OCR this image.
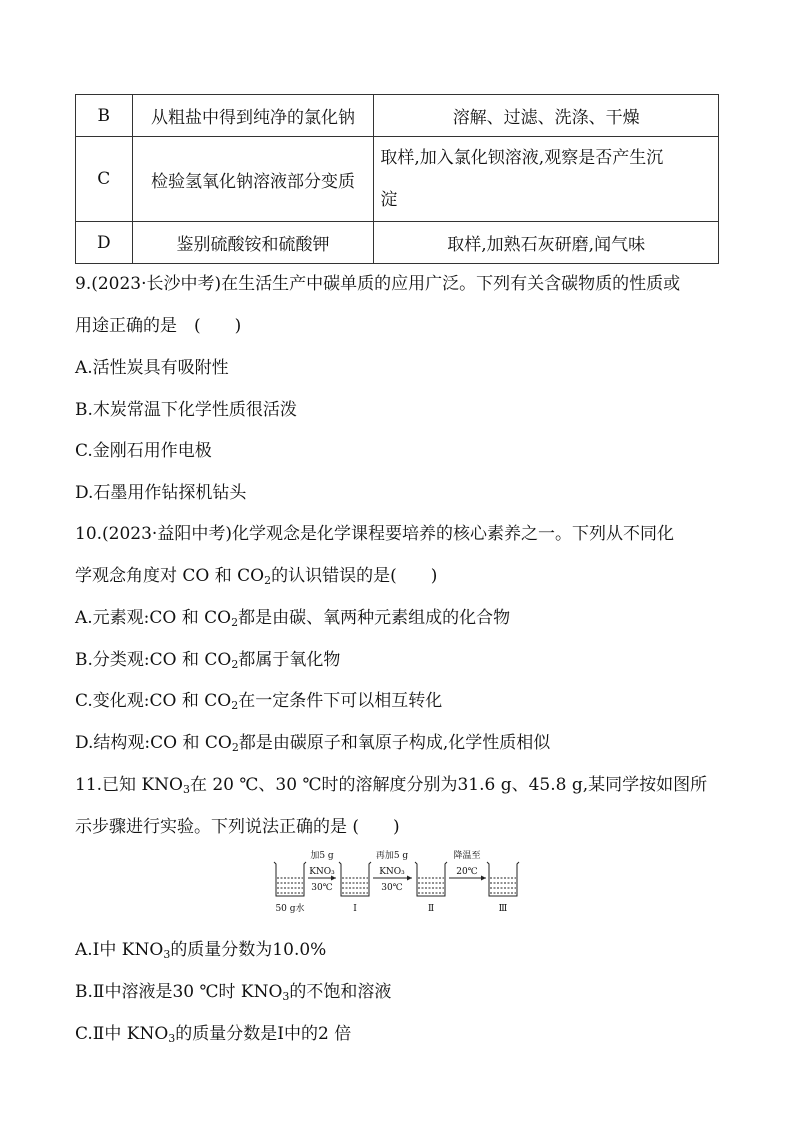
B	从粗盐中得到纯净的氯化钠	溶解、过滤、洗涤、干燥
C	检验氢氧化钠溶液部分变质	取样,加入氯化钡溶液,观察是否产生沉
淀
D	鉴别硫酸铵和硫酸钾	取样,加熟石灰研磨,闻气味
9.(2023·长沙中考)在生活生产中碳单质的应用广泛。下列有关含碳物质的性质或
用途正确的是　(　　)
A.活性炭具有吸附性
B.木炭常温下化学性质很活泼
C.金刚石用作电极
D.石墨用作钻探机钻头
10.(2023·益阳中考)化学观念是化学课程要培养的核心素养之一。下列从不同化
学观念角度对 CO 和 $CO_2$的认识错误的是(　　)
A.元素观:CO 和 $CO_2$都是由碳、氧两种元素组成的化合物
B.分类观:CO 和 $CO_2$都属于氧化物
C.变化观:CO 和 $CO_2$在一定条件下可以相互转化
D.结构观:CO 和 $CO_2$都是由碳原子和氧原子构成,化学性质相似
11.已知 $KNO_3$在 20 ℃、30 ℃时的溶解度分别为31.6 g、45.8 g,某同学按如图所
示步骤进行实验。下列说法正确的是 (　　)
加5 g
KNO₃
30℃
再加5 g
KNO₃
30℃
降温至
20℃
50 g水	Ⅰ	Ⅱ	Ⅲ
A.Ⅰ中 $KNO_3$的质量分数为10.0%
B.Ⅱ中溶液是30 ℃时 $KNO_3$的不饱和溶液
C.Ⅱ中 $KNO_3$的质量分数是Ⅰ中的2 倍
